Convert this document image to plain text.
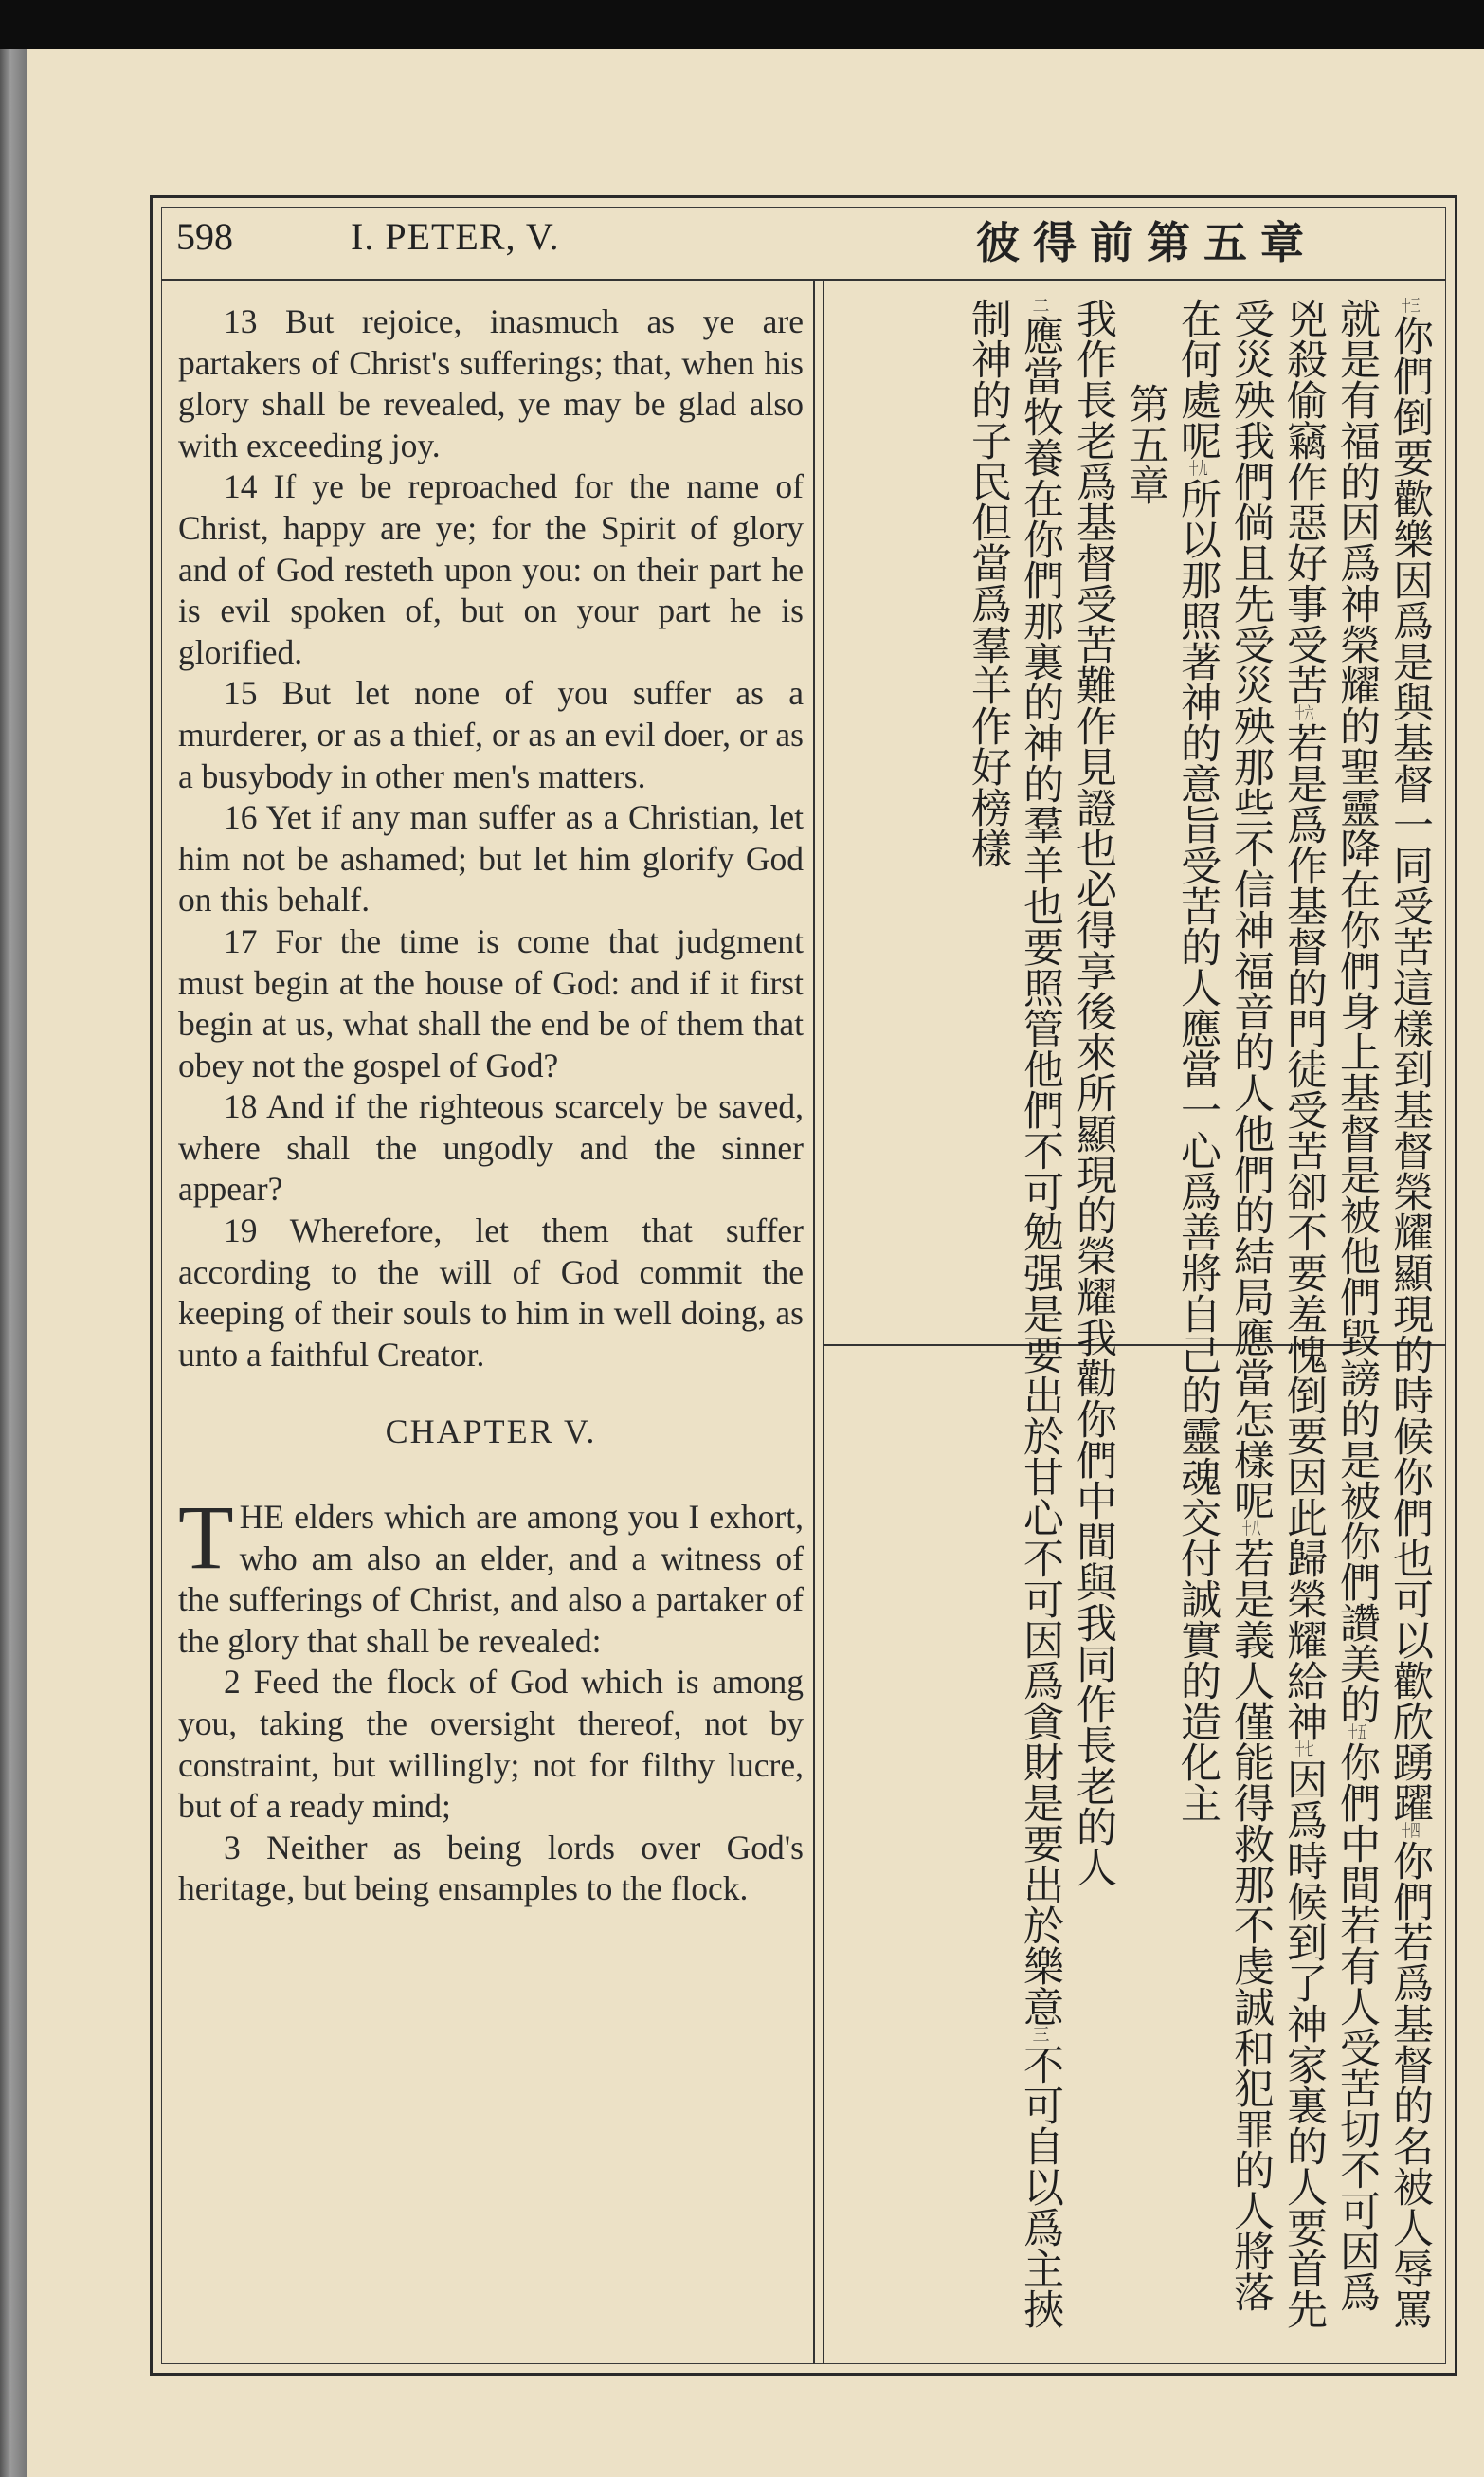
598	I. PETER, V.	彼得前第五章

13 But rejoice, inasmuch as ye are partakers of Christ's sufferings; that, when his glory shall be revealed, ye may be glad also with exceeding joy.

14 If ye be reproached for the name of Christ, happy are ye; for the Spirit of glory and of God resteth upon you: on their part he is evil spoken of, but on your part he is glorified.

15 But let none of you suffer as a murderer, or as a thief, or as an evil doer, or as a busybody in other men's matters.

16 Yet if any man suffer as a Christian, let him not be ashamed; but let him glorify God on this behalf.

17 For the time is come that judgment must begin at the house of God: and if it first begin at us, what shall the end be of them that obey not the gospel of God?

18 And if the righteous scarcely be saved, where shall the ungodly and the sinner appear?

19 Wherefore, let them that suffer according to the will of God commit the keeping of their souls to him in well doing, as unto a faithful Creator.

CHAPTER V.

THE elders which are among you I exhort, who am also an elder, and a witness of the sufferings of Christ, and also a partaker of the glory that shall be revealed:

2 Feed the flock of God which is among you, taking the oversight thereof, not by constraint, but willingly; not for filthy lucre, but of a ready mind;

3 Neither as being lords over God's heritage, but being ensamples to the flock.

十三你們倒要歡樂因爲是與基督一同受苦這樣到基督榮耀顯現的時候你們也可以歡欣踴躍十四你們若爲基督的名被人辱罵就是有福的因爲神榮耀的聖靈降在你們身上基督是被他們毀謗的是被你們讚美的十五你們中間若有人受苦切不可因爲兇殺偷竊作惡好事受苦十六若是爲作基督的門徒受苦卻不要羞愧倒要因此歸榮耀給神十七因爲時候到了神家裏的人要首先受災殃我們倘且先受災殃那些不信神福音的人他們的結局應當怎樣呢十八若是義人僅能得救那不虔誠和犯罪的人將落在何處呢十九所以那照著神的意旨受苦的人應當一心爲善將自己的靈魂交付誠實的造化主

第五章

我作長老爲基督受苦難作見證也必得享後來所顯現的榮耀我勸你們中間與我同作長老的人

二應當牧養在你們那裏的神的羣羊也要照管他們不可勉强是要出於甘心不可因爲貪財是要出於樂意三不可自以爲主挾制神的子民但當爲羣羊作好榜樣
